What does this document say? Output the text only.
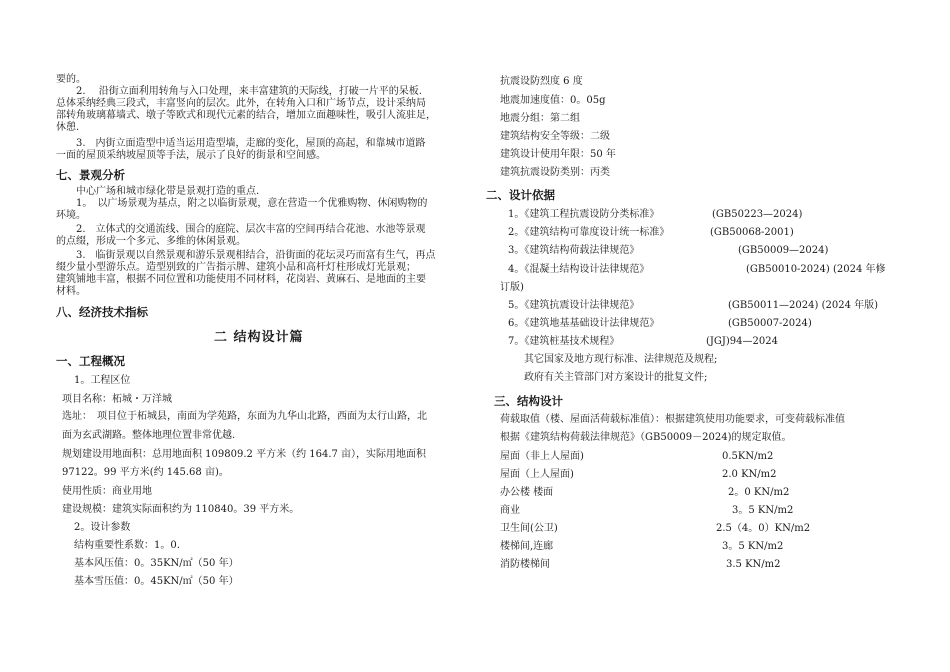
要的。
　　2.　 沿街立面利用转角与入口处理，来丰富建筑的天际线，打破一片平的呆板.
总体采纳经典三段式，丰富竖向的层次。此外，在转角入口和广场节点，设计采纳局
部转角玻璃幕墙式、墩子等欧式和现代元素的结合，增加立面趣味性，吸引人流驻足，
休憩.
　　3.　内街立面造型中适当运用造型墙，走廊的变化，屋顶的高起，和靠城市道路
一面的屋顶采纳坡屋顶等手法，展示了良好的街景和空间感。
七、景观分析
　　中心广场和城市绿化带是景观打造的重点.
　　1。　以广场景观为基点，附之以临街景观，意在营造一个优雅购物、休闲购物的
环境。
　　2.　立体式的交通流线、围合的庭院、层次丰富的空间再结合花池、水池等景观
的点缀，形成一个多元、多维的休闲景观。
　　3.　临街景观以自然景观和游乐景观相结合，沿街面的花坛灵巧而富有生气，再点
缀少量小型游乐点。造型别致的广告指示牌、建筑小品和高杆灯柱形成灯光景观；
建筑铺地丰富，根据不同位置和功能使用不同材料，花岗岩、黄麻石、是地面的主要
材料。
八、经济技术指标
二 结构设计篇
一、工程概况
1。工程区位
项目名称：柘城・万洋城
选址：　项目位于柘城县，南面为学苑路，东面为九华山北路，西面为太行山路，北
面为玄武湖路。整体地理位置非常优越.
规划建设用地面积：总用地面积 109809.2 平方米（约 164.7 亩），实际用地面积
97122。99 平方米(约 145.68 亩)。
使用性质：商业用地
建设规模：建筑实际面积约为 110840。39 平方米。
2。设计参数
结构重要性系数：1。0.
基本风压值：0。35KN/㎡（50 年）
基本雪压值：0。45KN/㎡（50 年）
抗震设防烈度 6 度
地震加速度值：0。05g
地震分组：第二组
建筑结构安全等级：二级
建筑设计使用年限：50 年
建筑抗震设防类别：丙类
二、设计依据
1。《建筑工程抗震设防分类标准》	(GB50223—2024)
2。《建筑结构可靠度设计统一标准》	(GB50068-2001)
3。《建筑结构荷载法律规范》	(GB50009—2024)
4。《混凝土结构设计法律规范》	(GB50010-2024) (2024 年修
订版)
5。《建筑抗震设计法律规范》	(GB50011—2024) (2024 年版)
6。《建筑地基基础设计法律规范》	(GB50007-2024)
7。《建筑桩基技术规程》	(JGJ)94—2024
其它国家及地方现行标准、法律规范及规程;
政府有关主管部门对方案设计的批复文件;
三、结构设计
荷载取值（楼、屋面活荷载标准值）：根据建筑使用功能要求，可变荷载标准值
根据《建筑结构荷载法律规范》（GB50009－2024)的规定取值。
屋面（非上人屋面)	0.5KN/m2
屋面（上人屋面)	2.0 KN/m2
办公楼 楼面	2。0 KN/m2
商业	3。5 KN/m2
卫生间(公卫)	2.5（4。0）KN/m2
楼梯间,连廊	3。5 KN/m2
消防楼梯间	3.5 KN/m2
